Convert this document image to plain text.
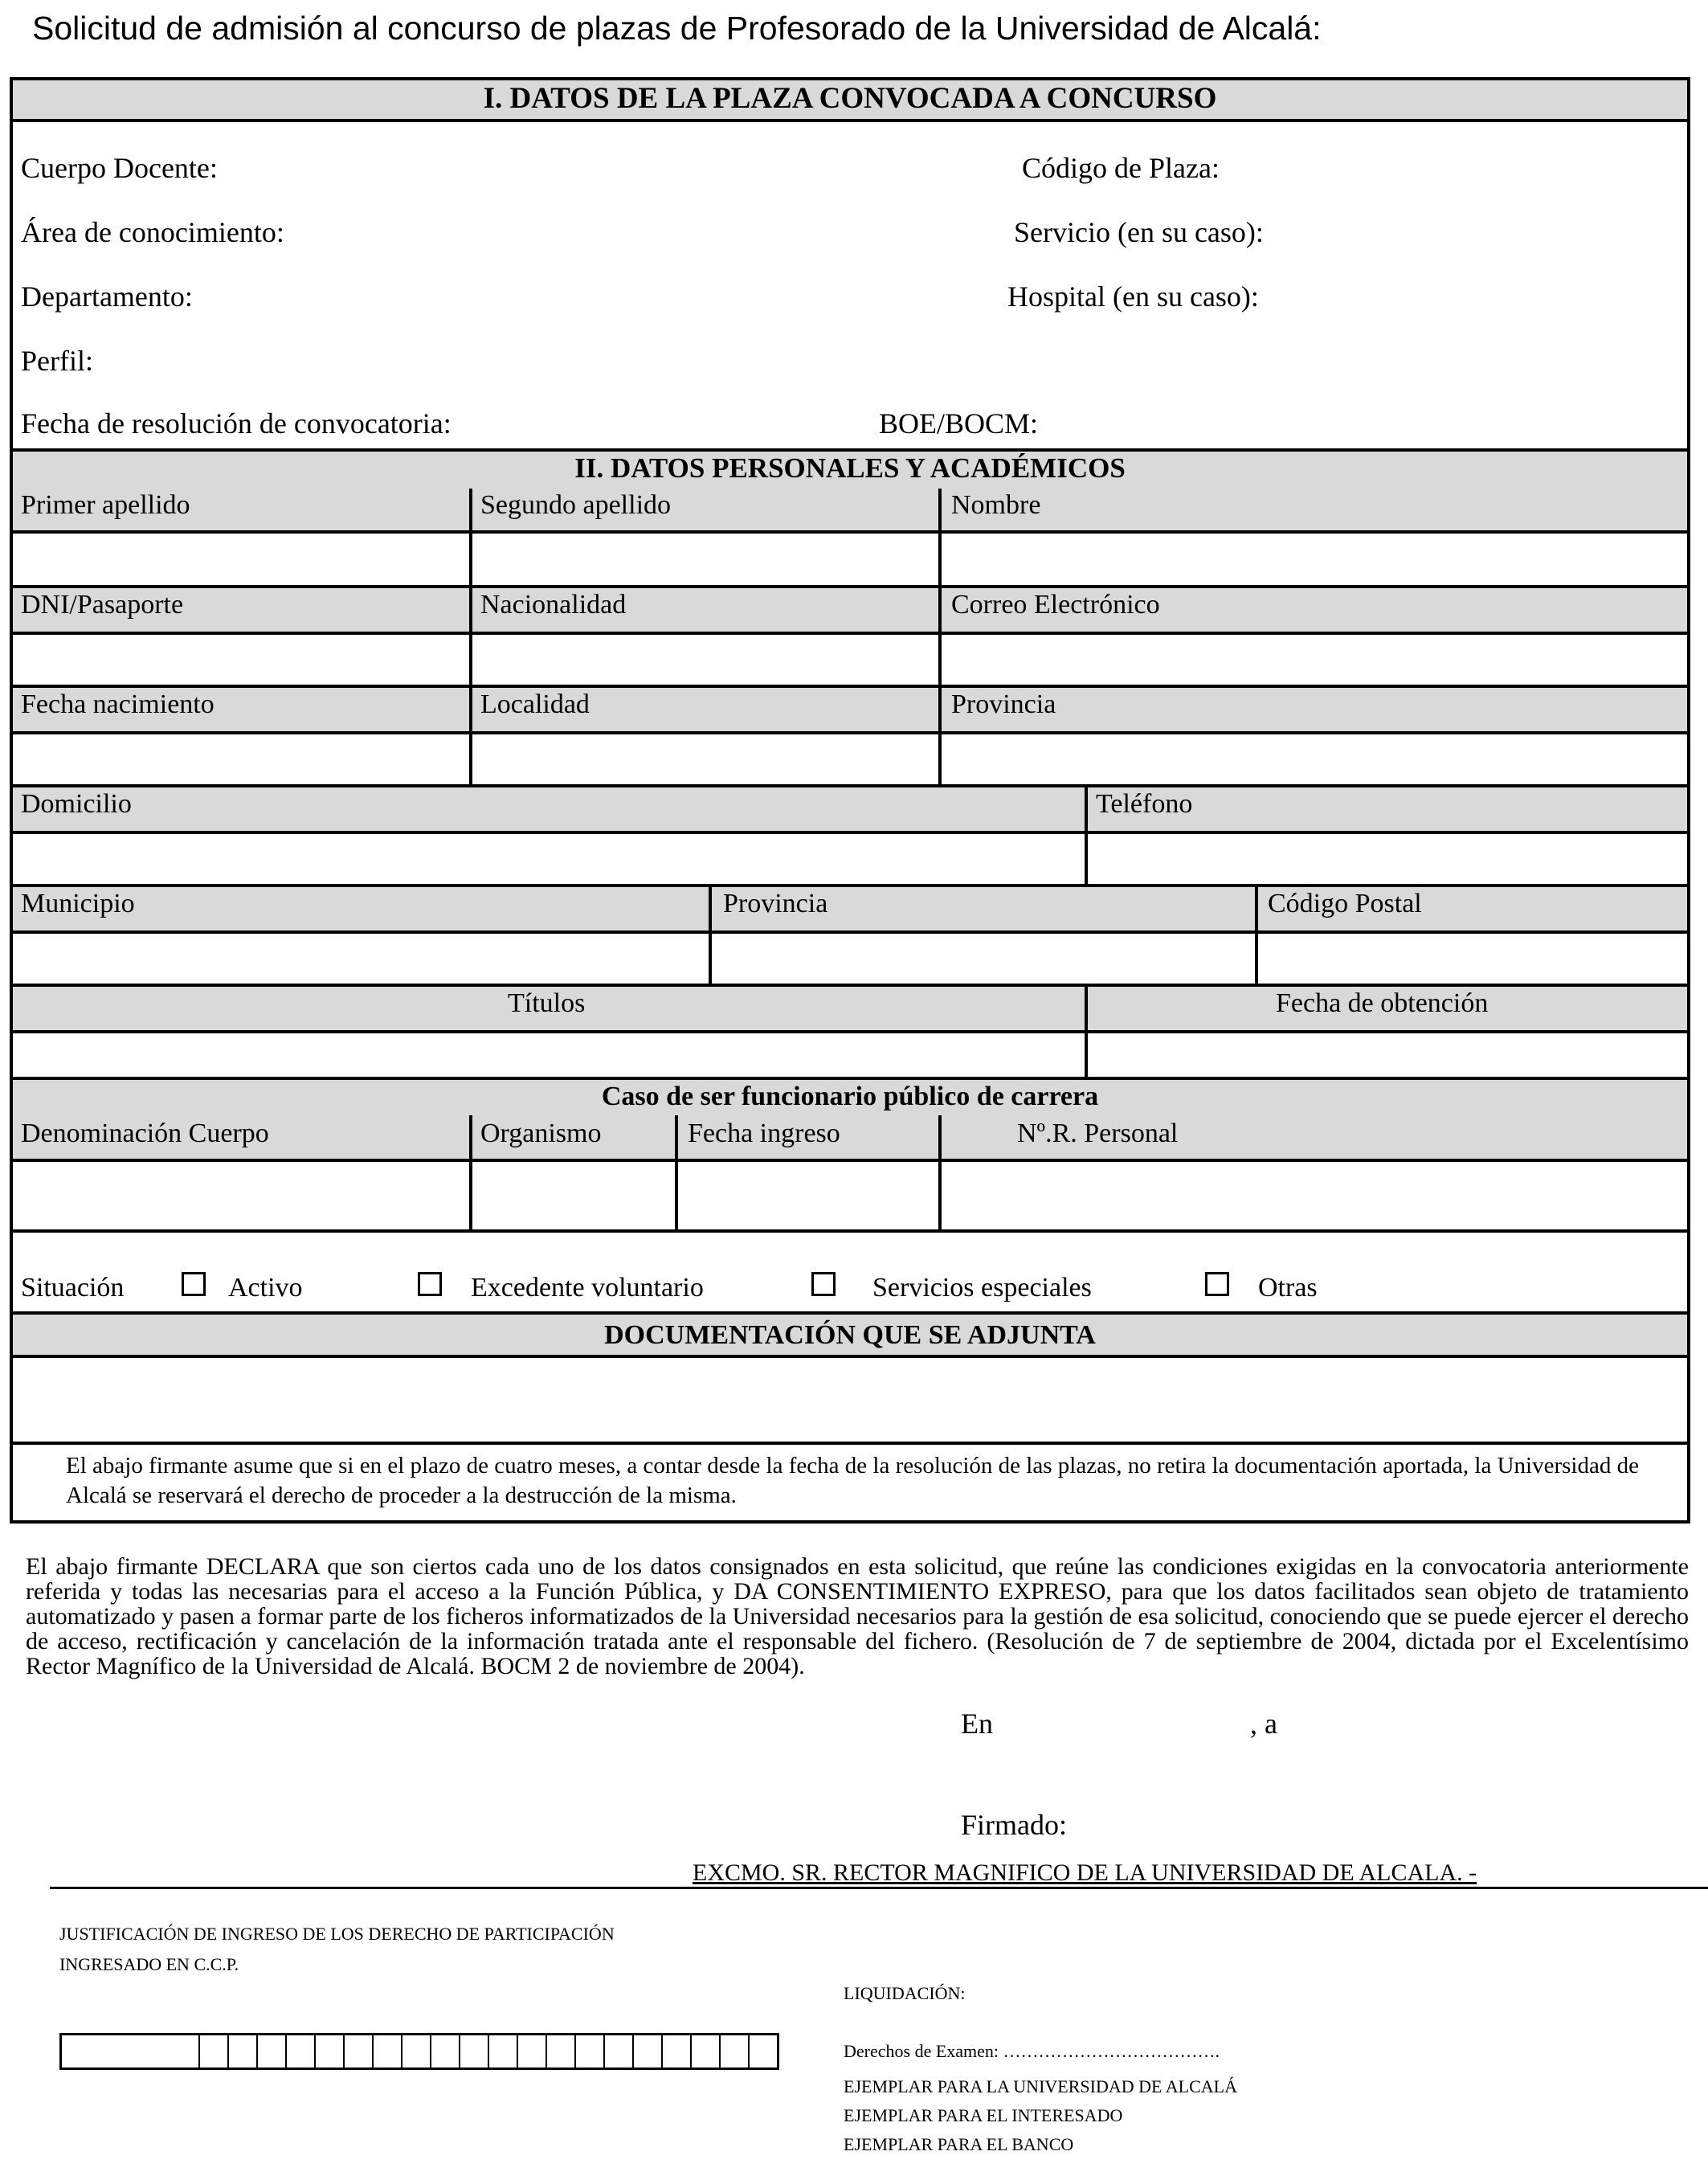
Solicitud de admisión al concurso de plazas de Profesorado de la Universidad de Alcalá:
I. DATOS DE LA PLAZA CONVOCADA A CONCURSO
Cuerpo Docente:	Código de Plaza:
Área de conocimiento:	Servicio (en su caso):
Departamento:	Hospital (en su caso):
Perfil:
Fecha de resolución de convocatoria:	BOE/BOCM:
II. DATOS PERSONALES Y ACADÉMICOS
Primer apellido	Segundo apellido	Nombre
DNI/Pasaporte	Nacionalidad	Correo Electrónico
Fecha nacimiento	Localidad	Provincia
Domicilio	Teléfono
Municipio	Provincia	Código Postal
Títulos	Fecha de obtención
Caso de ser funcionario público de carrera
Denominación Cuerpo	Organismo	Fecha ingreso	Nº.R. Personal
Situación	Activo	Excedente voluntario	Servicios especiales	Otras
DOCUMENTACIÓN QUE SE ADJUNTA
El abajo firmante asume que si en el plazo de cuatro meses, a contar desde la fecha de la resolución de las plazas, no retira la documentación aportada, la Universidad de Alcalá se reservará el derecho de proceder a la destrucción de la misma.
El abajo firmante DECLARA que son ciertos cada uno de los datos consignados en esta solicitud, que reúne las condiciones exigidas en la convocatoria anteriormente referida y todas las necesarias para el acceso a la Función Pública, y DA CONSENTIMIENTO EXPRESO, para que los datos facilitados sean objeto de tratamiento automatizado y pasen a formar parte de los ficheros informatizados de la Universidad necesarios para la gestión de esa solicitud, conociendo que se puede ejercer el derecho de acceso, rectificación y cancelación de la información tratada ante el responsable del fichero. (Resolución de 7 de septiembre de 2004, dictada por el Excelentísimo Rector Magnífico de la Universidad de Alcalá. BOCM 2 de noviembre de 2004).
En	, a
Firmado:
EXCMO. SR. RECTOR MAGNIFICO DE LA UNIVERSIDAD DE ALCALA. -
JUSTIFICACIÓN DE INGRESO DE LOS DERECHO DE PARTICIPACIÓN
INGRESADO EN C.C.P.
LIQUIDACIÓN:
Derechos de Examen: ……………………………….
EJEMPLAR PARA LA UNIVERSIDAD DE ALCALÁ
EJEMPLAR PARA EL INTERESADO
EJEMPLAR PARA EL BANCO
